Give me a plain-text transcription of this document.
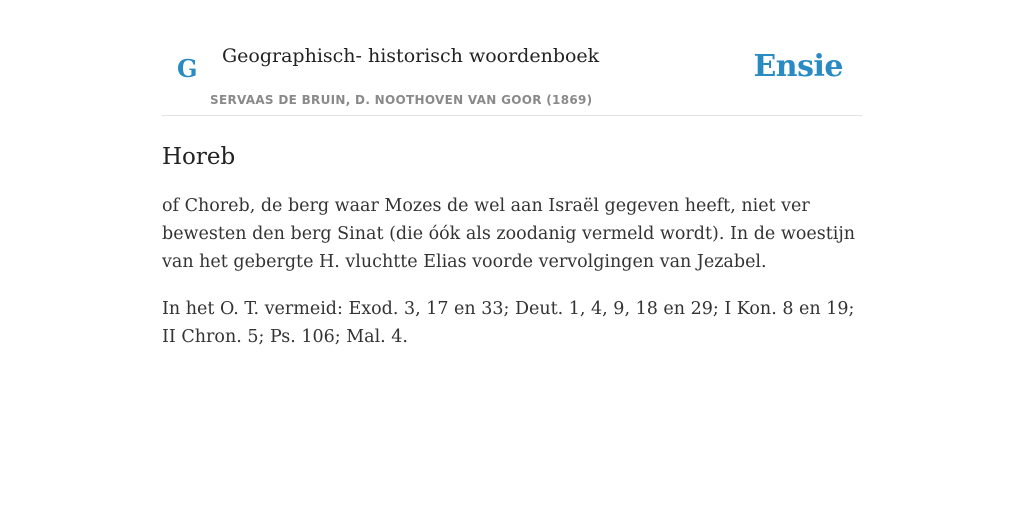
G Geographisch- historisch woordenboek
SERVAAS DE BRUIN, D. NOOTHOVEN VAN GOOR (1869)
Ensie
Horeb

of Choreb, de berg waar Mozes de wel aan Israël gegeven heeft, niet ver bewesten den berg Sinat (die óók als zoodanig vermeld wordt). In de woestijn van het gebergte H. vluchtte Elias voorde vervolgingen van Jezabel.

In het O. T. vermeid: Exod. 3, 17 en 33; Deut. 1, 4, 9, 18 en 29; I Kon. 8 en 19; II Chron. 5; Ps. 106; Mal. 4.
